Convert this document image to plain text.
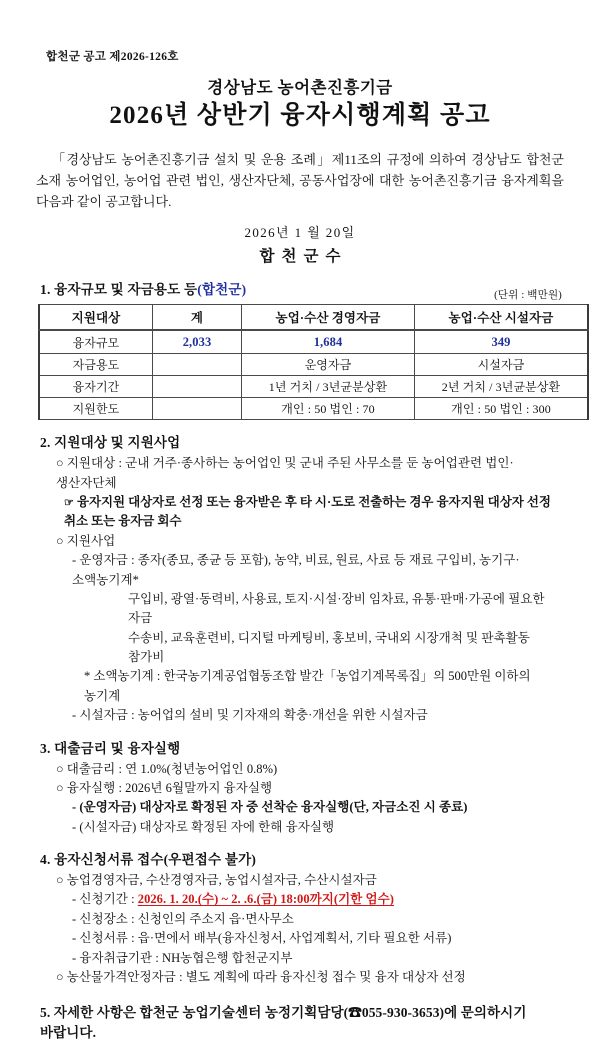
합천군 공고 제2026-126호
경상남도 농어촌진흥기금
2026년 상반기 융자시행계획 공고

「경상남도 농어촌진흥기금 설치 및 운용 조례」제11조의 규정에 의하여 경상남도 합천군 소재 농어업인, 농어업 관련 법인, 생산자단체, 공동사업장에 대한 농어촌진흥기금 융자계획을 다음과 같이 공고합니다.

2026년 1 월 20일
합천군수
1. 융자규모 및 자금용도 등(합천군)	(단위 : 백만원)
지원대상	계	농업·수산 경영자금	농업·수산 시설자금
융자규모	2,033	1,684	349
자금용도		운영자금	시설자금
융자기간		1년 거치 / 3년균분상환	2년 거치 / 3년균분상환
지원한도		개인 : 50 법인 : 70	개인 : 50 법인 : 300
2. 지원대상 및 지원사업
○ 지원대상 : 군내 거주·종사하는 농어업인 및 군내 주된 사무소를 둔 농어업관련 법인·생산자단체
☞ 융자지원 대상자로 선정 또는 융자받은 후 타 시·도로 전출하는 경우 융자지원 대상자 선정 취소 또는 융자금 회수
○ 지원사업
- 운영자금 : 종자(종묘, 종균 등 포함), 농약, 비료, 원료, 사료 등 재료 구입비, 농기구·소액농기계*
구입비, 광열·동력비, 사용료, 토지·시설·장비 임차료, 유통·판매·가공에 필요한 자금
수송비, 교육훈련비, 디지털 마케팅비, 홍보비, 국내외 시장개척 및 판촉활동 참가비
* 소액농기계 : 한국농기계공업협동조합 발간「농업기계목록집」의 500만원 이하의 농기계
- 시설자금 : 농어업의 설비 및 기자재의 확충·개선을 위한 시설자금
3. 대출금리 및 융자실행
○ 대출금리 : 연 1.0%(청년농어업인 0.8%)
○ 융자실행 : 2026년 6월말까지 융자실행
- (운영자금) 대상자로 확정된 자 중 선착순 융자실행(단, 자금소진 시 종료)
- (시설자금) 대상자로 확정된 자에 한해 융자실행
4. 융자신청서류 접수(우편접수 불가)
○ 농업경영자금, 수산경영자금, 농업시설자금, 수산시설자금
- 신청기간 : 2026. 1. 20.(수) ~ 2. .6.(금) 18:00까지(기한 엄수)
- 신청장소 : 신청인의 주소지 읍·면사무소
- 신청서류 : 읍·면에서 배부(융자신청서, 사업계획서, 기타 필요한 서류)
- 융자취급기관 : NH농협은행 합천군지부
○ 농산물가격안정자금 : 별도 계획에 따라 융자신청 접수 및 융자 대상자 선정
5. 자세한 사항은 합천군 농업기술센터 농정기획담당(☎055-930-3653)에 문의하시기 바랍니다.
